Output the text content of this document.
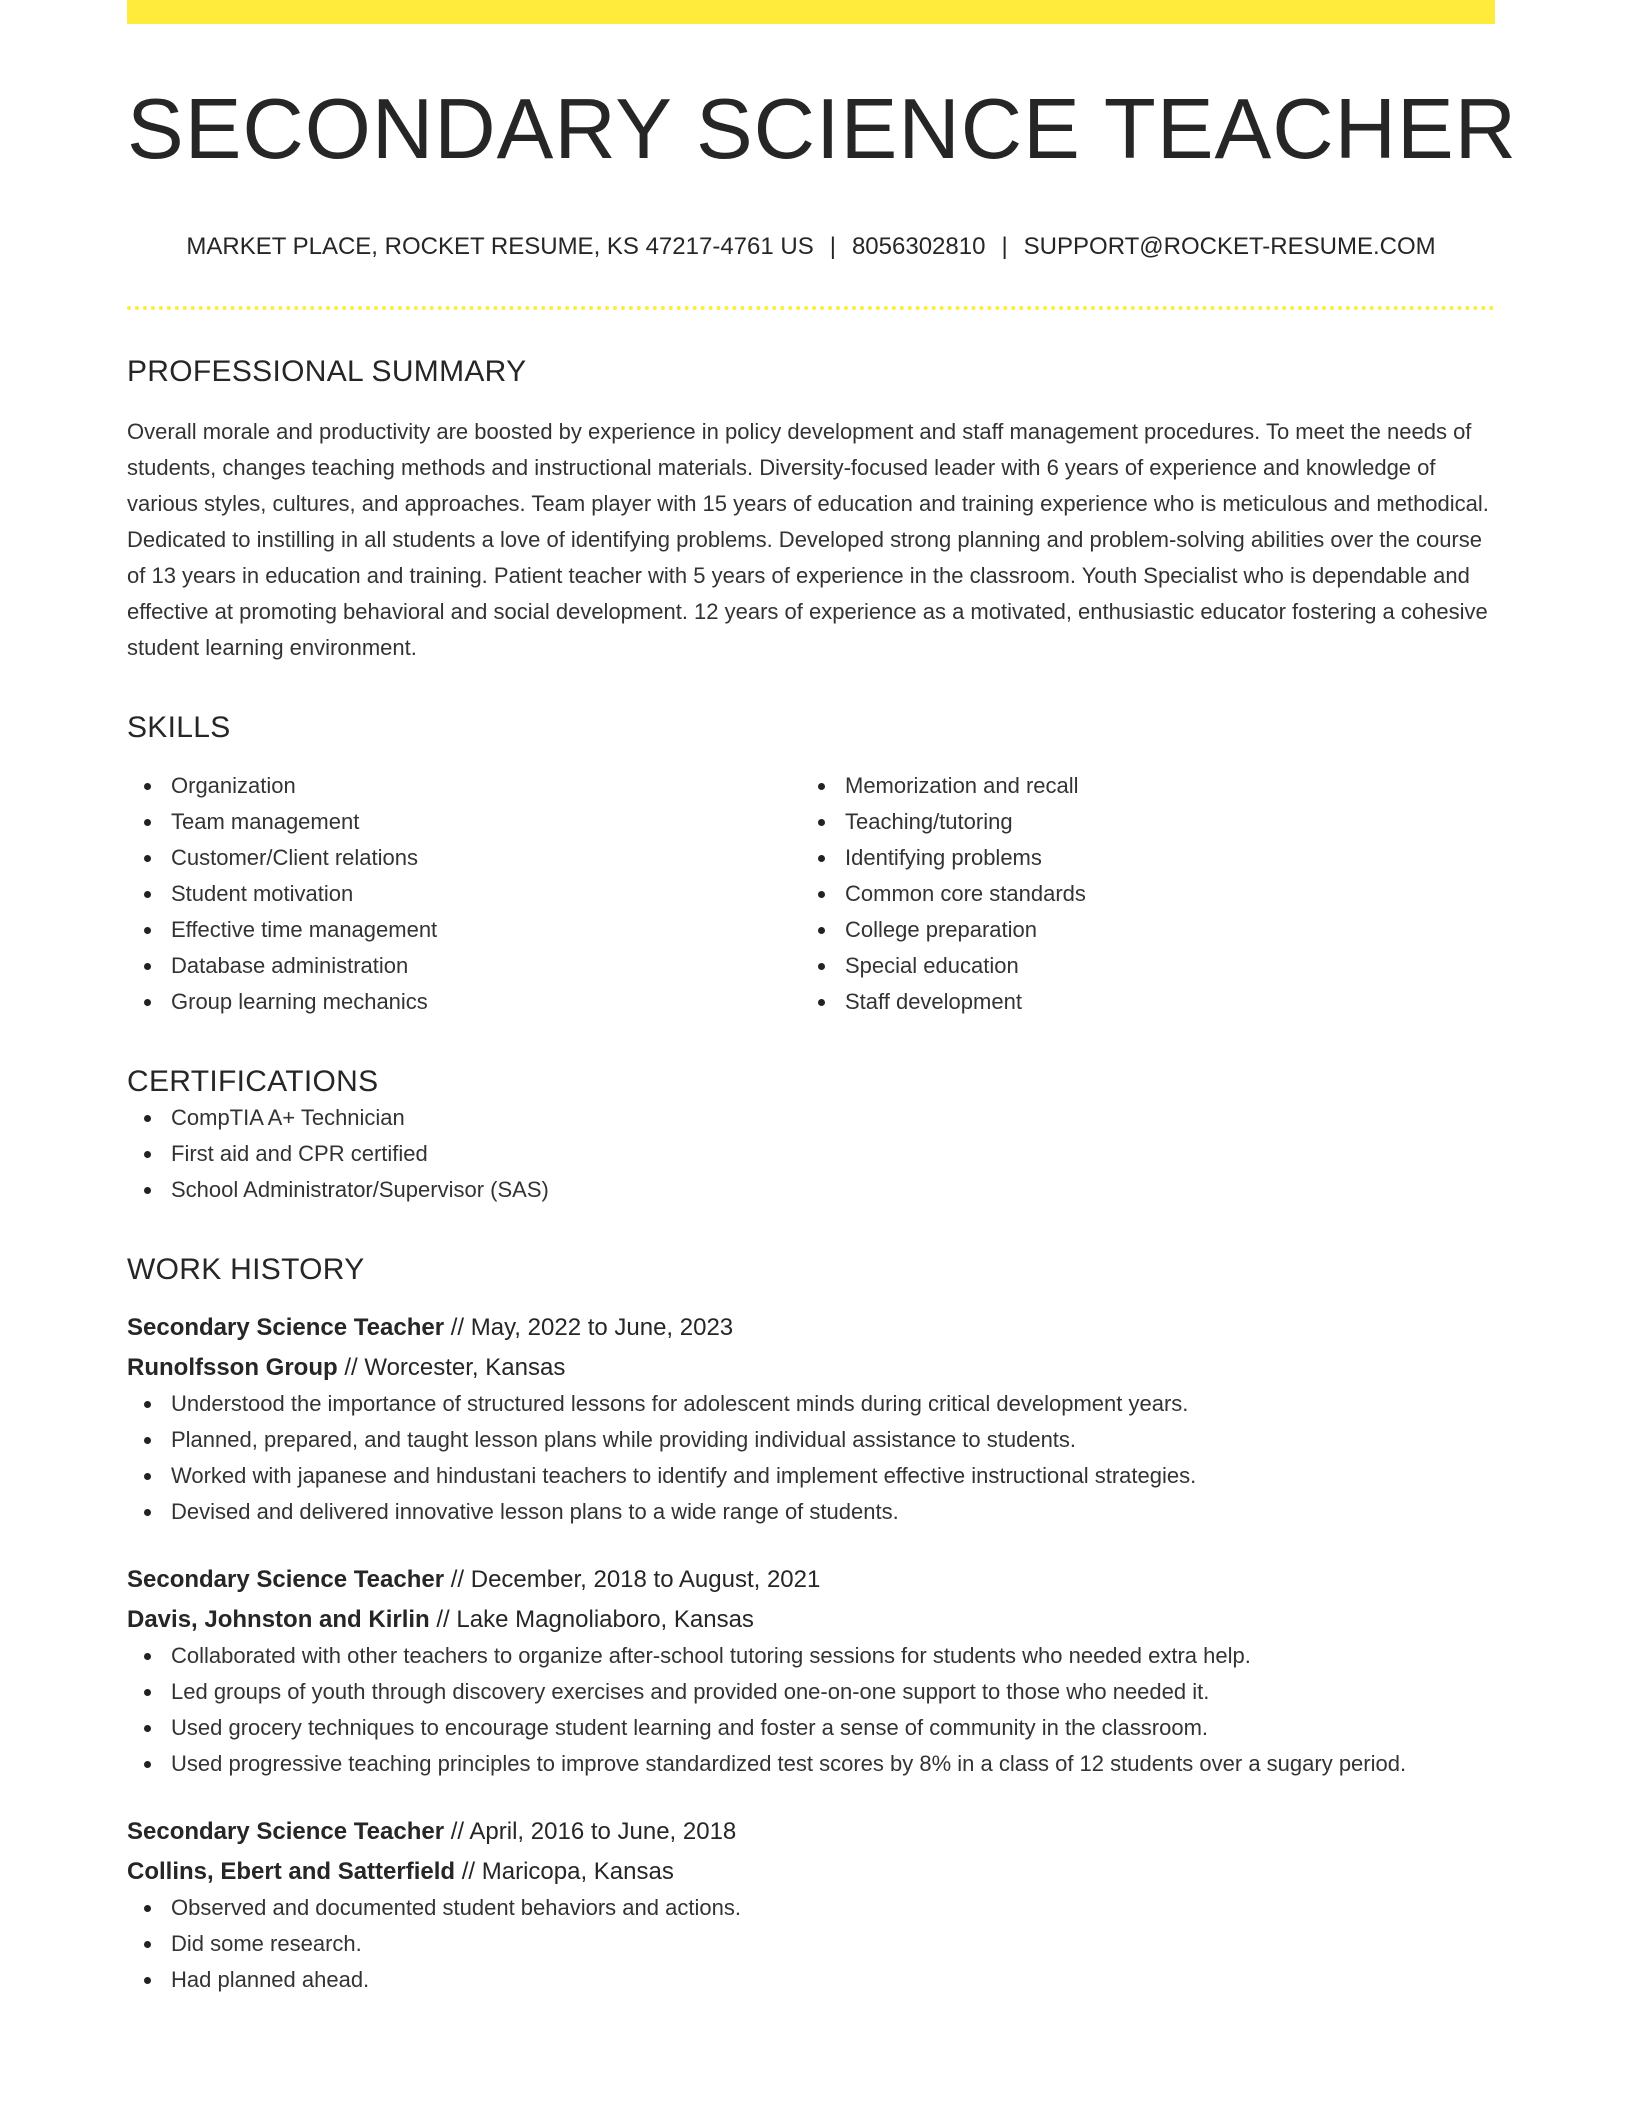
SECONDARY SCIENCE TEACHER
MARKET PLACE, ROCKET RESUME, KS 47217-4761 US | 8056302810 | SUPPORT@ROCKET-RESUME.COM
PROFESSIONAL SUMMARY
Overall morale and productivity are boosted by experience in policy development and staff management procedures. To meet the needs of students, changes teaching methods and instructional materials. Diversity-focused leader with 6 years of experience and knowledge of various styles, cultures, and approaches. Team player with 15 years of education and training experience who is meticulous and methodical. Dedicated to instilling in all students a love of identifying problems. Developed strong planning and problem-solving abilities over the course of 13 years in education and training. Patient teacher with 5 years of experience in the classroom. Youth Specialist who is dependable and effective at promoting behavioral and social development. 12 years of experience as a motivated, enthusiastic educator fostering a cohesive student learning environment.
SKILLS
Organization
Team management
Customer/Client relations
Student motivation
Effective time management
Database administration
Group learning mechanics
Memorization and recall
Teaching/tutoring
Identifying problems
Common core standards
College preparation
Special education
Staff development
CERTIFICATIONS
CompTIA A+ Technician
First aid and CPR certified
School Administrator/Supervisor (SAS)
WORK HISTORY
Secondary Science Teacher // May, 2022 to June, 2023
Runolfsson Group // Worcester, Kansas
Understood the importance of structured lessons for adolescent minds during critical development years.
Planned, prepared, and taught lesson plans while providing individual assistance to students.
Worked with japanese and hindustani teachers to identify and implement effective instructional strategies.
Devised and delivered innovative lesson plans to a wide range of students.
Secondary Science Teacher // December, 2018 to August, 2021
Davis, Johnston and Kirlin // Lake Magnoliaboro, Kansas
Collaborated with other teachers to organize after-school tutoring sessions for students who needed extra help.
Led groups of youth through discovery exercises and provided one-on-one support to those who needed it.
Used grocery techniques to encourage student learning and foster a sense of community in the classroom.
Used progressive teaching principles to improve standardized test scores by 8% in a class of 12 students over a sugary period.
Secondary Science Teacher // April, 2016 to June, 2018
Collins, Ebert and Satterfield // Maricopa, Kansas
Observed and documented student behaviors and actions.
Did some research.
Had planned ahead.
